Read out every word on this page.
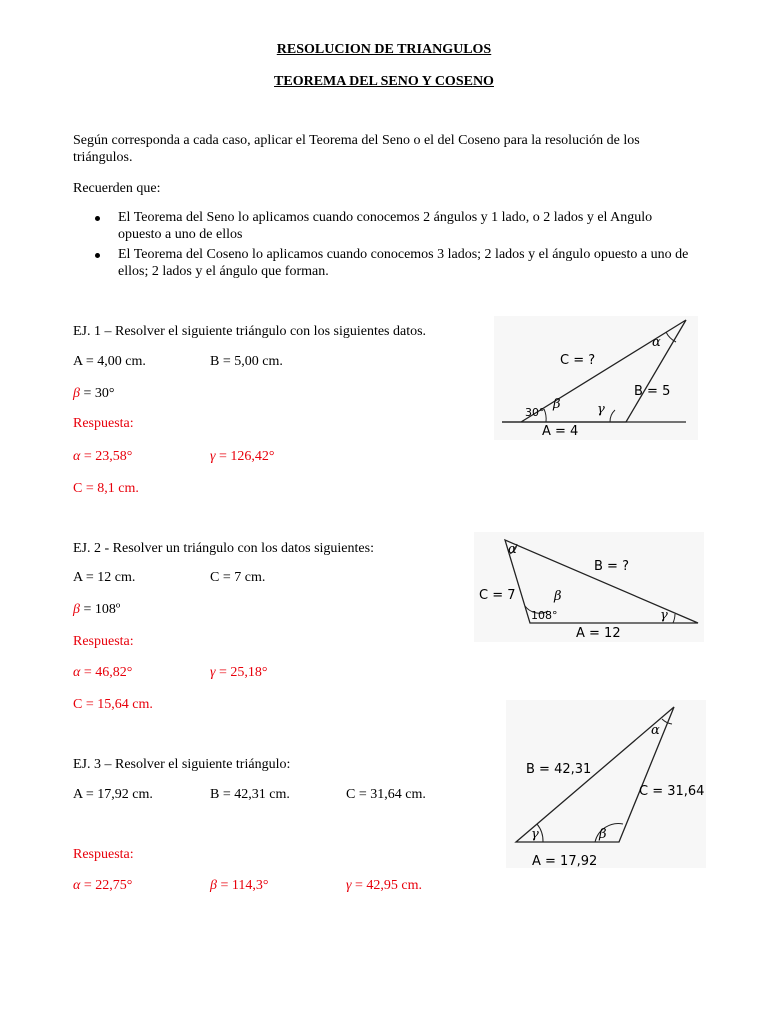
RESOLUCION DE TRIANGULOS
TEOREMA DEL SENO Y COSENO
Según corresponda a cada caso, aplicar el Teorema del Seno o el del Coseno para la resolución de los
triángulos.
Recuerden que:
El Teorema del Seno lo aplicamos cuando conocemos 2 ángulos y 1 lado, o 2 lados y el Angulo
opuesto a uno de ellos
El Teorema del Coseno lo aplicamos cuando conocemos 3 lados; 2 lados y el ángulo opuesto a uno de
ellos; 2 lados y el ángulo que forman.
EJ. 1 – Resolver el siguiente triángulo con los siguientes datos.
A = 4,00 cm.	B = 5,00 cm.
β = 30°
Respuesta:
α = 23,58°	γ = 126,42°
C = 8,1 cm.
C = ?
B = 5
A = 4
30°
α
β	γ
EJ. 2 - Resolver un triángulo con los datos siguientes:
A = 12 cm.	C = 7 cm.
β = 108º
Respuesta:
α = 46,82°	γ = 25,18°
C = 15,64 cm.
B = ?
C = 7
A = 12
108°
α
β
γ
EJ. 3 – Resolver el siguiente triángulo:
A = 17,92 cm.	B = 42,31 cm.	C = 31,64 cm.
Respuesta:
α = 22,75°	β = 114,3°	γ = 42,95 cm.
B = 42,31
C = 31,64
A = 17,92
α
β
γ
